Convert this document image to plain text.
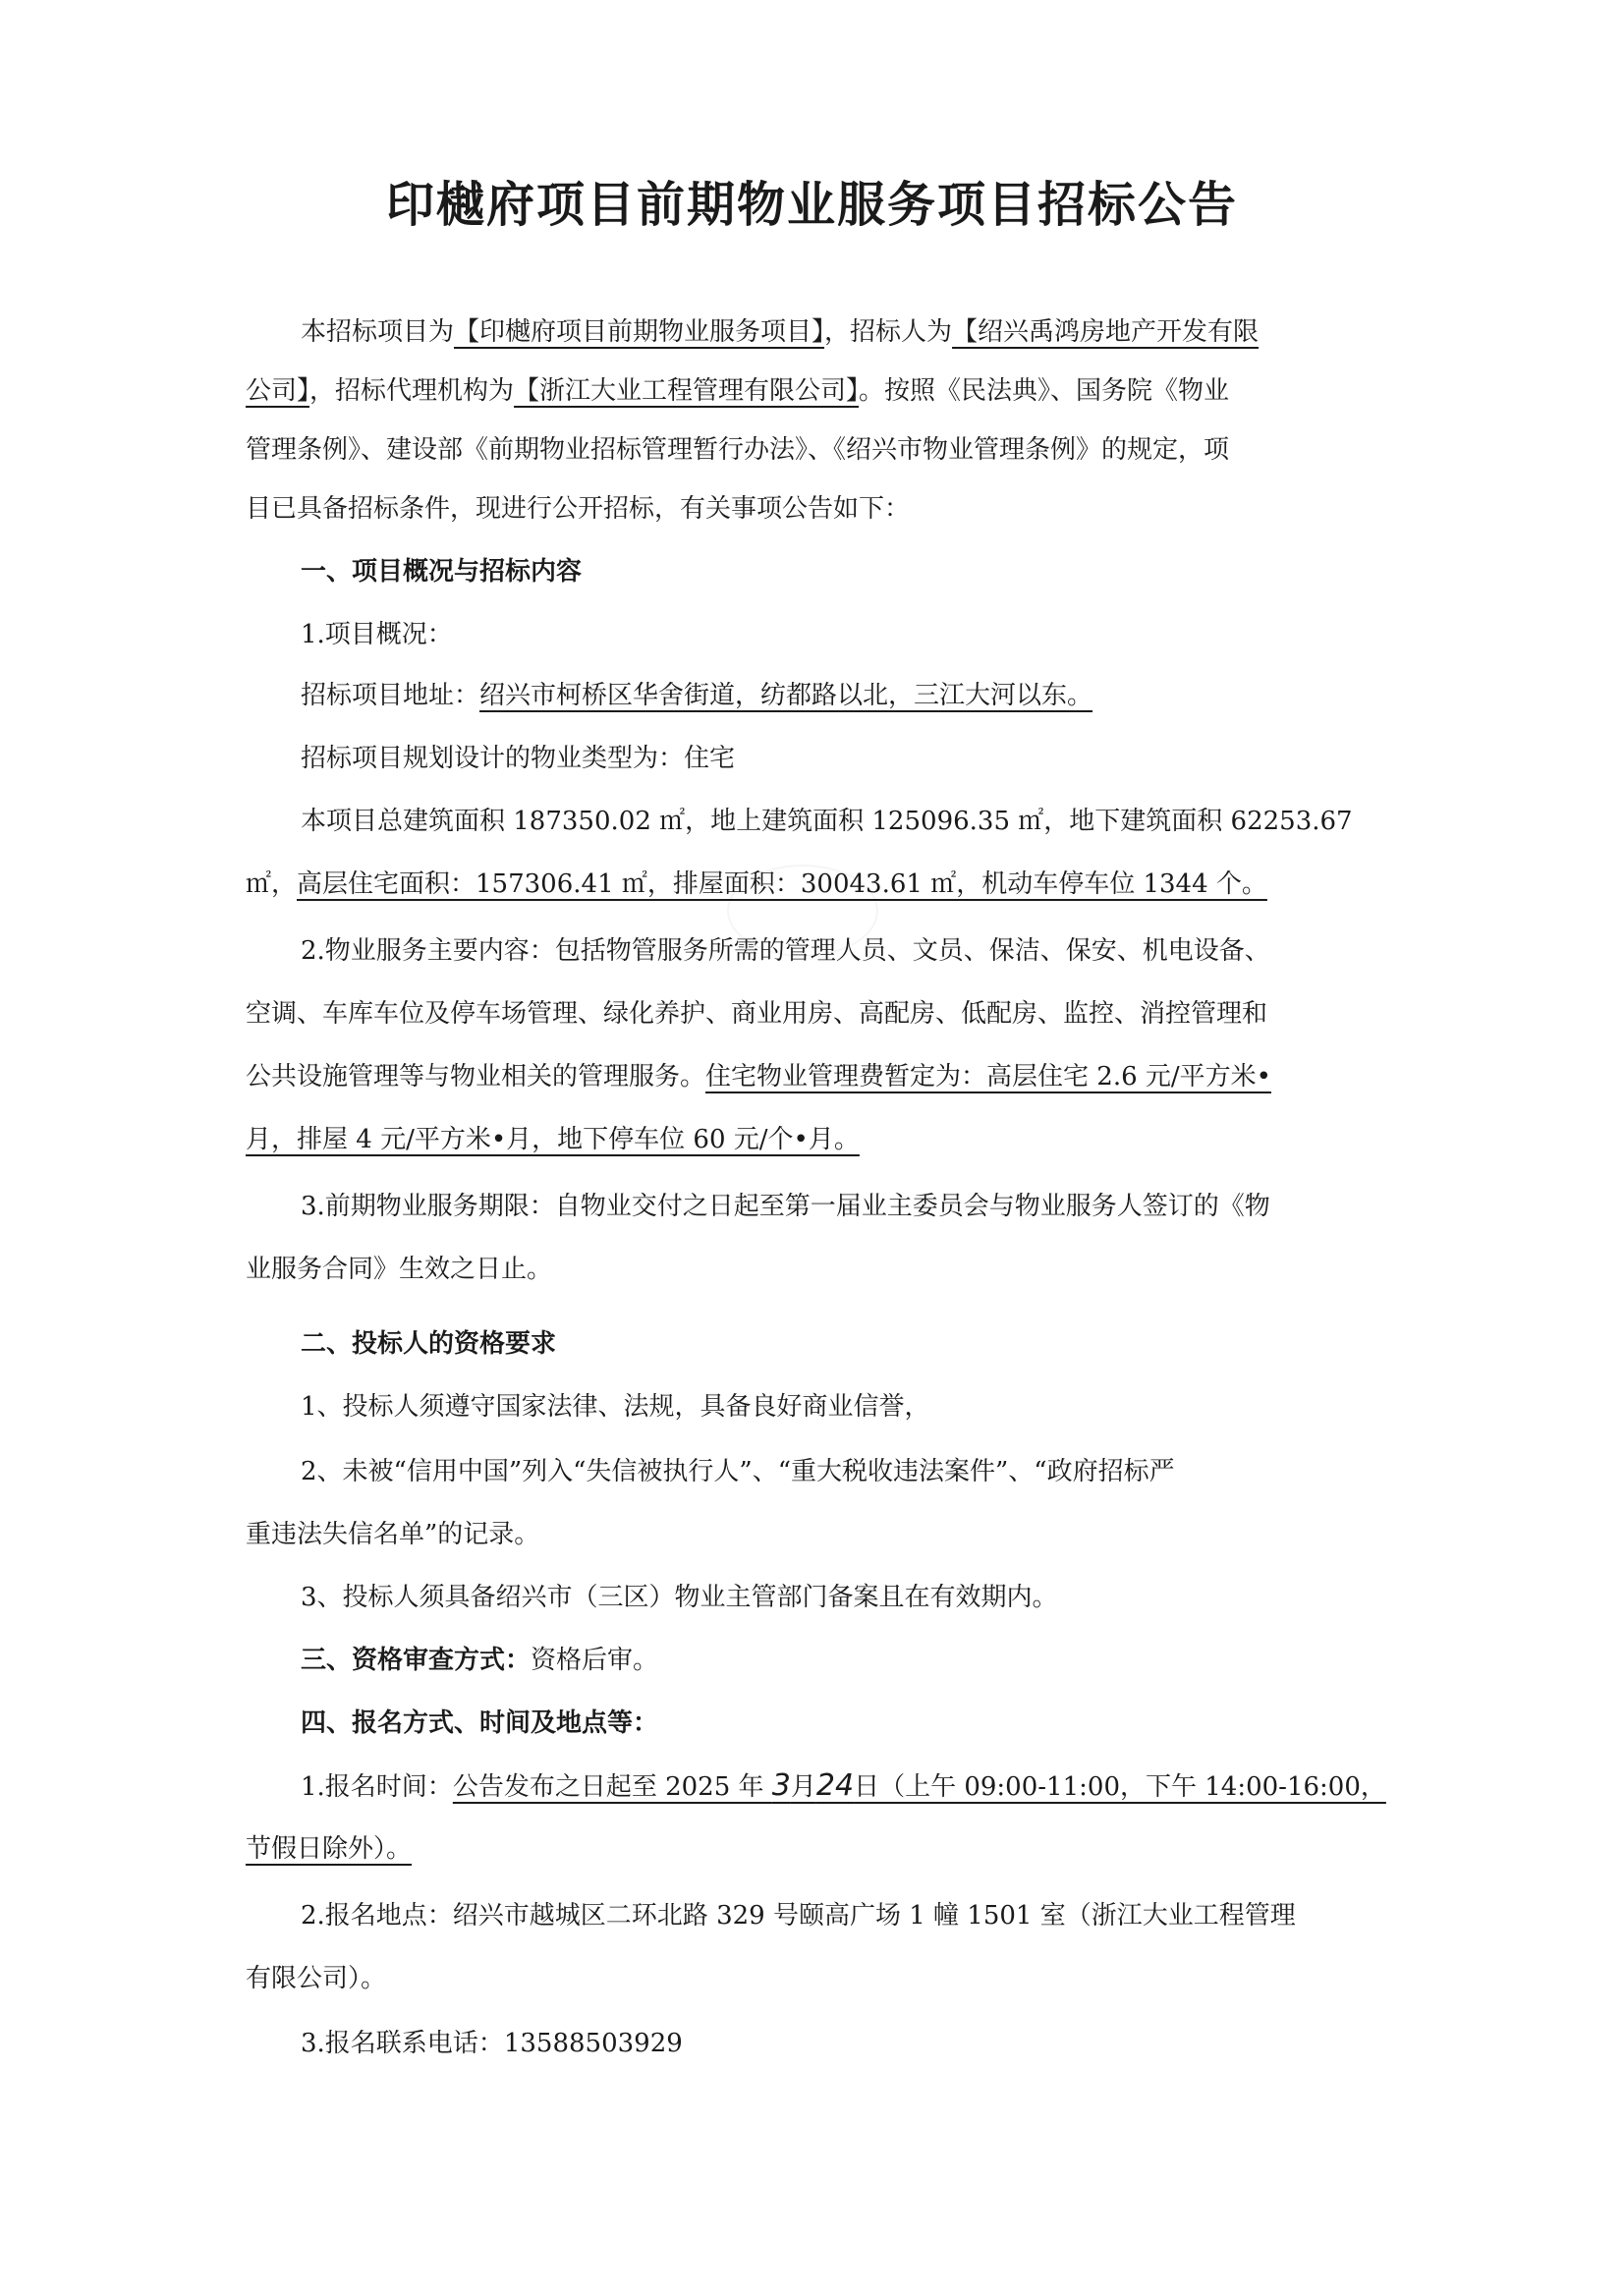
印樾府项目前期物业服务项目招标公告
本招标项目为【印樾府项目前期物业服务项目】，招标人为【绍兴禹鸿房地产开发有限
公司】，招标代理机构为【浙江大业工程管理有限公司】。按照《民法典》、国务院《物业
管理条例》、建设部《前期物业招标管理暂行办法》、《绍兴市物业管理条例》的规定，项
目已具备招标条件，现进行公开招标，有关事项公告如下：
一、项目概况与招标内容
1.项目概况：
招标项目地址：绍兴市柯桥区华舍街道，纺都路以北，三江大河以东。
招标项目规划设计的物业类型为：住宅
本项目总建筑面积 187350.02 ㎡，地上建筑面积 125096.35 ㎡，地下建筑面积 62253.67
㎡，高层住宅面积：157306.41 ㎡，排屋面积：30043.61 ㎡，机动车停车位 1344 个。
2.物业服务主要内容：包括物管服务所需的管理人员、文员、保洁、保安、机电设备、
空调、车库车位及停车场管理、绿化养护、商业用房、高配房、低配房、监控、消控管理和
公共设施管理等与物业相关的管理服务。住宅物业管理费暂定为：高层住宅 2.6 元/平方米•
月，排屋 4 元/平方米•月，地下停车位 60 元/个•月。
3.前期物业服务期限：自物业交付之日起至第一届业主委员会与物业服务人签订的《物
业服务合同》生效之日止。
二、投标人的资格要求
1、投标人须遵守国家法律、法规，具备良好商业信誉，
2、未被“信用中国”列入“失信被执行人”、“重大税收违法案件”、“政府招标严
重违法失信名单”的记录。
3、投标人须具备绍兴市（三区）物业主管部门备案且在有效期内。
三、资格审查方式：资格后审。
四、报名方式、时间及地点等：
1.报名时间：公告发布之日起至 2025 年 3月24日（上午 09:00-11:00，下午 14:00-16:00，
节假日除外）。
2.报名地点：绍兴市越城区二环北路 329 号颐高广场 1 幢 1501 室（浙江大业工程管理
有限公司）。
3.报名联系电话：13588503929
